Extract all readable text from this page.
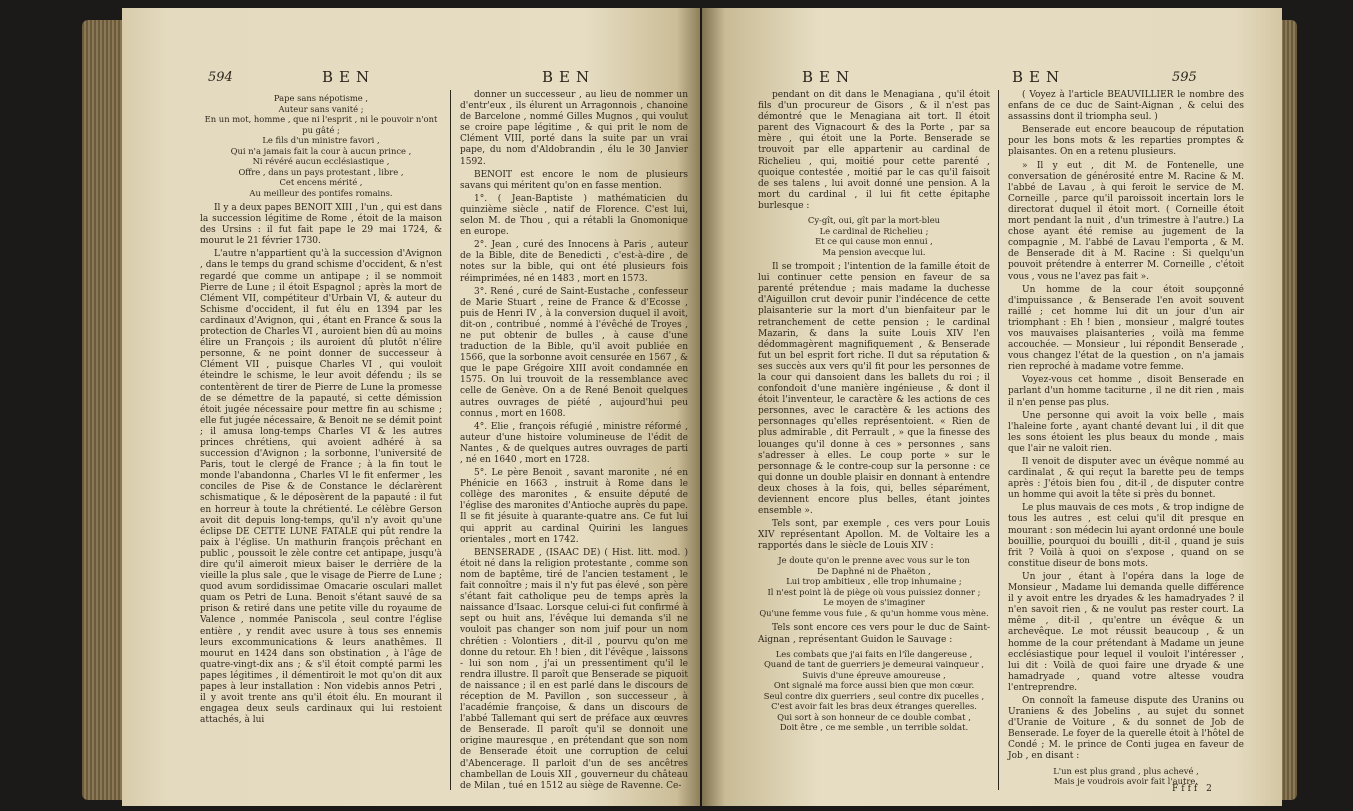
594	BEN	BEN
Pape sans népotisme ,
Auteur sans vanité ;
En un mot, homme , que ni l'esprit , ni le pouvoir n'ont pu gâté ;
Le fils d'un ministre favori ,
Qui n'a jamais fait la cour à aucun prince ,
Ni révéré aucun ecclésiastique ,
Offre , dans un pays protestant , libre ,
Cet encens mérité ,
Au meilleur des pontifes romains.

Il y a deux papes BENOIT XIII , l'un , qui est dans la succession légitime de Rome , étoit de la maison des Ursins : il fut fait pape le 29 mai 1724, & mourut le 21 février 1730.

L'autre n'appartient qu'à la succession d'Avignon , dans le temps du grand schisme d'occident, & n'est regardé que comme un antipape ; il se nommoit Pierre de Lune ; il étoit Espagnol ; après la mort de Clément VII, compétiteur d'Urbain VI, & auteur du Schisme d'occident, il fut élu en 1394 par les cardinaux d'Avignon, qui , étant en France & sous la protection de Charles VI , auroient bien dû au moins élire un François ; ils auroient dû plutôt n'élire personne, & ne point donner de successeur à Clément VII , puisque Charles VI , qui vouloit éteindre le schisme, le leur avoit défendu ; ils se contentèrent de tirer de Pierre de Lune la promesse de se démettre de la papauté, si cette démission étoit jugée nécessaire pour mettre fin au schisme ; elle fut jugée nécessaire, & Benoit ne se démit point ; il amusa long-temps Charles VI & les autres princes chrétiens, qui avoient adhéré à sa succession d'Avignon ; la sorbonne, l'université de Paris, tout le clergé de France ; à la fin tout le monde l'abandonna , Charles VI le fit enfermer , les conciles de Pise & de Constance le déclarèrent schismatique , & le déposèrent de la papauté : il fut en horreur à toute la chrétienté. Le célèbre Gerson avoit dit depuis long-temps, qu'il n'y avoit qu'une éclipse DE CETTE LUNE FATALE qui pût rendre la paix à l'église. Un mathurin françois prêchant en public , poussoit le zèle contre cet antipape, jusqu'à dire qu'il aimeroit mieux baiser le derrière de la vieille la plus sale , que le visage de Pierre de Lune ; quod avum sordidissimae Omacarie osculari mallet quam os Petri de Luna. Benoit s'étant sauvé de sa prison & retiré dans une petite ville du royaume de Valence , nommée Paniscola , seul contre l'église entière , y rendit avec usure à tous ses ennemis leurs excommunications & leurs anathêmes. Il mourut en 1424 dans son obstination , à l'âge de quatre-vingt-dix ans ; & s'il étoit compté parmi les papes légitimes , il démentiroit le mot qu'on dit aux papes à leur installation : Non videbis annos Petri , il y avoit trente ans qu'il étoit élu. En mourant il engagea deux seuls cardinaux qui lui restoient attachés, à lui

donner un successeur , au lieu de nommer un d'entr'eux , ils élurent un Arragonnois , chanoine de Barcelone , nommé Gilles Mugnos , qui voulut se croire pape légitime , & qui prit le nom de Clément VIII, porté dans la suite par un vrai pape, du nom d'Aldobrandin , élu le 30 Janvier 1592.

BENOIT est encore le nom de plusieurs savans qui méritent qu'on en fasse mention.

1°. ( Jean-Baptiste ) mathématicien du quinzième siècle , natif de Florence. C'est lui, selon M. de Thou , qui a rétabli la Gnomonique en europe.

2°. Jean , curé des Innocens à Paris , auteur de la Bible, dite de Benedicti , c'est-à-dire , de notes sur la bible, qui ont été plusieurs fois réimprimées, né en 1483 , mort en 1573.

3°. René , curé de Saint-Eustache , confesseur de Marie Stuart , reine de France & d'Ecosse , puis de Henri IV , à la conversion duquel il avoit, dit-on , contribué , nommé à l'évêché de Troyes , ne put obtenir de bulles , à cause d'une traduction de la Bible, qu'il avoit publiée en 1566, que la sorbonne avoit censurée en 1567 , & que le pape Grégoire XIII avoit condamnée en 1575. On lui trouvoit de la ressemblance avec celle de Genève. On a de René Benoit quelques autres ouvrages de piété , aujourd'hui peu connus , mort en 1608.

4°. Elie , françois réfugié , ministre réformé , auteur d'une histoire volumineuse de l'édit de Nantes , & de quelques autres ouvrages de parti , né en 1640 , mort en 1728.

5°. Le père Benoit , savant maronite , né en Phénicie en 1663 , instruit à Rome dans le collège des maronites , & ensuite député de l'église des maronites d'Antioche auprès du pape. Il se fit jésuite à quarante-quatre ans. Ce fut lui qui apprit au cardinal Quirini les langues orientales , mort en 1742.

BENSERADE , (ISAAC DE) ( Hist. litt. mod. ) étoit né dans la religion protestante , comme son nom de baptême, tiré de l'ancien testament , le fait connoître ; mais il n'y fut pas élevé , son père s'étant fait catholique peu de temps après la naissance d'Isaac. Lorsque celui-ci fut confirmé à sept ou huit ans, l'évêque lui demanda s'il ne vouloit pas changer son nom juif pour un nom chrétien : Volontiers , dit-il , pourvu qu'on me donne du retour. Eh ! bien , dit l'évêque , laissons - lui son nom , j'ai un pressentiment qu'il le rendra illustre. Il paroît que Benserade se piquoit de naissance ; il en est parlé dans le discours de réception de M. Pavillon , son successeur , à l'académie françoise, & dans un discours de l'abbé Tallemant qui sert de préface aux œuvres de Benserade. Il paroît qu'il se donnoit une origine mauresque , en prétendant que son nom de Benserade étoit une corruption de celui d'Abencerage. Il parloit d'un de ses ancêtres chambellan de Louis XII , gouverneur du château de Milan , tué en 1512 au siège de Ravenne. Ce-

BEN	BEN	595

pendant on dit dans le Menagiana , qu'il étoit fils d'un procureur de Gisors , & il n'est pas démontré que le Menagiana ait tort. Il étoit parent des Vignacourt & des la Porte , par sa mère , qui étoit une la Porte. Benserade se trouvoit par elle appartenir au cardinal de Richelieu , qui, moitié pour cette parenté , quoique contestée , moitié par le cas qu'il faisoit de ses talens , lui avoit donné une pension. A la mort du cardinal , il lui fit cette épitaphe burlesque :

Cy-gît, oui, gît par la mort-bleu
Le cardinal de Richelieu ;
Et ce qui cause mon ennui ,
Ma pension avecque lui.

Il se trompoit ; l'intention de la famille étoit de lui continuer cette pension en faveur de sa parenté prétendue ; mais madame la duchesse d'Aiguillon crut devoir punir l'indécence de cette plaisanterie sur la mort d'un bienfaiteur par le retranchement de cette pension ; le cardinal Mazarin, & dans la suite Louis XIV l'en dédommagèrent magnifiquement , & Benserade fut un bel esprit fort riche. Il dut sa réputation & ses succès aux vers qu'il fit pour les personnes de la cour qui dansoient dans les ballets du roi ; il confondoit d'une manière ingénieuse , & dont il étoit l'inventeur, le caractère & les actions de ces personnes, avec le caractère & les actions des personnages qu'elles représentoient. « Rien de plus admirable , dit Perrault , » que la finesse des louanges qu'il donne à ces » personnes , sans s'adresser à elles. Le coup porte » sur le personnage & le contre-coup sur la personne : ce qui donne un double plaisir en donnant à entendre deux choses à la fois, qui, belles séparément, deviennent encore plus belles, étant jointes ensemble ».

Tels sont, par exemple , ces vers pour Louis XIV représentant Apollon. M. de Voltaire les a rapportés dans le siècle de Louis XIV :

Je doute qu'on le prenne avec vous sur le ton
De Daphné ni de Phaëton ,
Lui trop ambitieux , elle trop inhumaine ;
Il n'est point là de piège où vous puissiez donner ;
Le moyen de s'imaginer
Qu'une femme vous fuie , & qu'un homme vous mène.

Tels sont encore ces vers pour le duc de Saint-Aignan , représentant Guidon le Sauvage :

Les combats que j'ai faits en l'île dangereuse ,
Quand de tant de guerriers je demeurai vainqueur ,
Suivis d'une épreuve amoureuse ,
Ont signalé ma force aussi bien que mon cœur.
Seul contre dix guerriers , seul contre dix pucelles ,
C'est avoir fait les bras deux étranges querelles.
Qui sort à son honneur de ce double combat ,
Doit être , ce me semble , un terrible soldat.

( Voyez à l'article BEAUVILLIER le nombre des enfans de ce duc de Saint-Aignan , & celui des assassins dont il triompha seul. )

Benserade eut encore beaucoup de réputation pour les bons mots & les reparties promptes & plaisantes. On en a retenu plusieurs.

» Il y eut , dit M. de Fontenelle, une conversation de générosité entre M. Racine & M. l'abbé de Lavau , à qui feroit le service de M. Corneille , parce qu'il paroissoit incertain lors le directorat duquel il étoit mort. ( Corneille étoit mort pendant la nuit , d'un trimestre à l'autre.) La chose ayant été remise au jugement de la compagnie , M. l'abbé de Lavau l'emporta , & M. de Benserade dit à M. Racine : Si quelqu'un pouvoit prétendre à enterrer M. Corneille , c'étoit vous , vous ne l'avez pas fait ».

Un homme de la cour étoit soupçonné d'impuissance , & Benserade l'en avoit souvent raillé ; cet homme lui dit un jour d'un air triomphant : Eh ! bien , monsieur , malgré toutes vos mauvaises plaisanteries , voilà ma femme accouchée. — Monsieur , lui répondit Benserade , vous changez l'état de la question , on n'a jamais rien reproché à madame votre femme.

Voyez-vous cet homme , disoit Benserade en parlant d'un homme taciturne , il ne dit rien , mais il n'en pense pas plus.

Une personne qui avoit la voix belle , mais l'haleine forte , ayant chanté devant lui , il dit que les sons étoient les plus beaux du monde , mais que l'air ne valoit rien.

Il venoit de disputer avec un évêque nommé au cardinalat , & qui reçut la barette peu de temps après : J'étois bien fou , dit-il , de disputer contre un homme qui avoit la tête si près du bonnet.

Le plus mauvais de ces mots , & trop indigne de tous les autres , est celui qu'il dit presque en mourant : son médecin lui ayant ordonné une boule bouillie, pourquoi du bouilli , dit-il , quand je suis frit ? Voilà à quoi on s'expose , quand on se constitue diseur de bons mots.

Un jour , étant à l'opéra dans la loge de Monsieur , Madame lui demanda quelle différence il y avoit entre les dryades & les hamadryades ? il n'en savoit rien , & ne voulut pas rester court. La même , dit-il , qu'entre un évêque & un archevêque. Le mot réussit beaucoup , & un homme de la cour prétendant à Madame un jeune ecclésiastique pour lequel il vouloit l'intéresser , lui dit : Voilà de quoi faire une dryade & une hamadryade , quand votre altesse voudra l'entreprendre.

On connoît la fameuse dispute des Uranins ou Uraniens & des Jobelins , au sujet du sonnet d'Uranie de Voiture , & du sonnet de Job de Benserade. Le foyer de la querelle étoit à l'hôtel de Condé ; M. le prince de Conti jugea en faveur de Job , en disant :

L'un est plus grand , plus achevé ,
Mais je voudrois avoir fait l'autre.
Ffff 2
